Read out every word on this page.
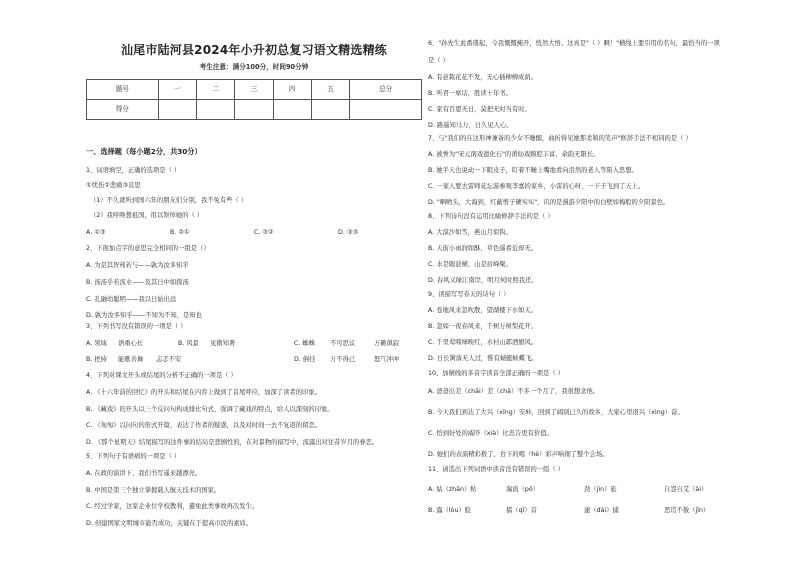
汕尾市陆河县2024年小升初总复习语文精选精练
考生注意：满分100分，时间90分钟
题号	一	二	三	四	五	总分
得分						
一、选择题（每小题2分，共30分）
1、词语填空，正确的选项是（ ）
①忧伤②悲痛③哀思
（1）不久就听到国六年的朋友们分别，我不免有些（ ）
（2）我呼唤想祖国，用以祭悼她的（ ）
A. ①③	B. ②①	C. ③②	D. ③③
2、下面加点字的意思完全相同的一组是（）
A. 为是其智弗若与——孰为汝多知乎
B. 汤汤乎若流水——及其日中如探汤
C. 孔融幼聪明——我以日始出远
D. 孰为汝多知乎——不知为不知，是知也
3、下列书写没有错误的一项是（ ）
A. 领域 语重心长	B. 风景 见微知著	C. 蜘蛛 不可思议	万籁俱寂
B. 把持 能歌善舞 忐忑不安	D. 倒挂 万不得已	怒气冲冲
4、下列对课文开头或结尾的分析不正确的一项是（ ）
A. 《十六年前的回忆》的开头和结尾在内容上做到了首尾呼应，加深了读者的印象。
B. 《藏戏》的开头以三个反问句构成排比句式，强调了藏戏的特点，给人以深刻的印象。
C. 《匆匆》以问句的形式开篇，表达了作者的疑惑，以及对时间一去不复返的留恋。
D. 《那个星期天》结尾描写的这件事的结局是悲剧性的，在对景物的描写中，流露出对往昔岁月的眷恋。
5、下列句子有语病的一项是（ ）
A. 在政的演讲下，我们书写遥来越漂亮。
B. 中国是第三个独立掌握载人航天技术的国家。
C. 经过学家，这家企业位学校教利，避免此类事故再次发生。
D. 创建国家文明城市能否成功，关键在于提高市民的素质。
6、"孙先生此番盛起，令我慨慨掩开，恍然大悟。这真是"（ ）啊！"横线上要引用的名句，最恰当的一项
是（ ）
A. 有意栽花花不发，无心插柳柳成荫。
B. 听君一席话，胜读十年书。
C. 家有百恩无日，莫把无时当有时。
D. 路遥知马力，日久见人心。
7、与"我们的在这形神兼备的少女不睡醒，曲折得见她那柔和的笑声"修辞手法不相同的是（ ）
A. 被誉为"宋元南戏遗化石"的莆仙戏顺腔丰富，余韵无限长。
B. 她半天也说动一下眼皮子，盯着不睡上嘴地看向泪然的老人等陷入思想。
C. 一家人要去雷师花坛游参观李嘉的家乡，小雷的心呀，一下子飞到了天上。
D. "啊哟头，大海到，红蔽剪子硬实实"，讥的是漫游夕阳中的白壁如梅般的夕阳景色。
8、下列诗句没有运用比喻修辞手法的是（ ）
A. 大漠沙如雪，燕山月似钩。
B. 天街小雨润如酥，草色遥看近却无。
C. 水是眼波横，山是眉峰聚。
D. 春风又绿江南岸，明月何时照我还。
9、读描写写春天的诗句（ ）
A. 卷地风来忽吹散，望湖楼下水如天。
B. 忽如一夜春风来，千树万树梨花开。
C. 千里莺啼绿映红，水村山郭酒旗风。
D. 日长篱落无人过，惟有蜻蜓蛱蝶飞。
10、加横线的多音字读音全部正确的一项是（ ）
A. 爸爸出差（chāi）差（chā）不多一个月了，我很想念他。
B. 今天我们到达了大兴（xīng）安岭，回到了阔别已久的故乡，大家心里很兴（xìng）奋。
C. 恰到好处的威吓（xià）比忠告更有价值。
D. 她们的表演精彩极了，台下的喝（hè）彩声响彻了整个会场。
11、请选出下列词语中读音没有错误的一组（ ）
A. 姑（zhān）帖	湍流（pō）	劲（jìn）旅	自怨自艾（ài）
B. 露（lòu）脸	擂（qǐ）首	逮（dài）捕	恶贯不赦（jīn）
